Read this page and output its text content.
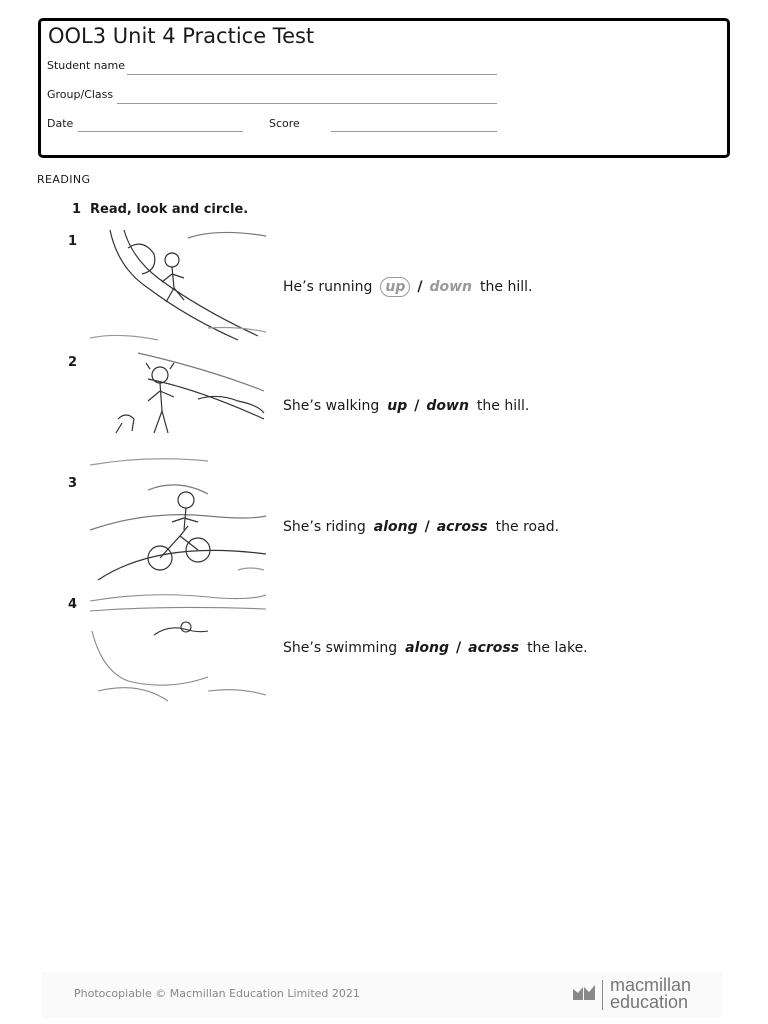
OOL3 Unit 4 Practice Test
Student name
Group/Class
Date	Score
READING
1 Read, look and circle.
1
He’s running up / down the hill.
2
She’s walking up / down the hill.
3
She’s riding along / across the road.
4
She’s swimming along / across the lake.
Photocopiable © Macmillan Education Limited 2021	macmillan
education
